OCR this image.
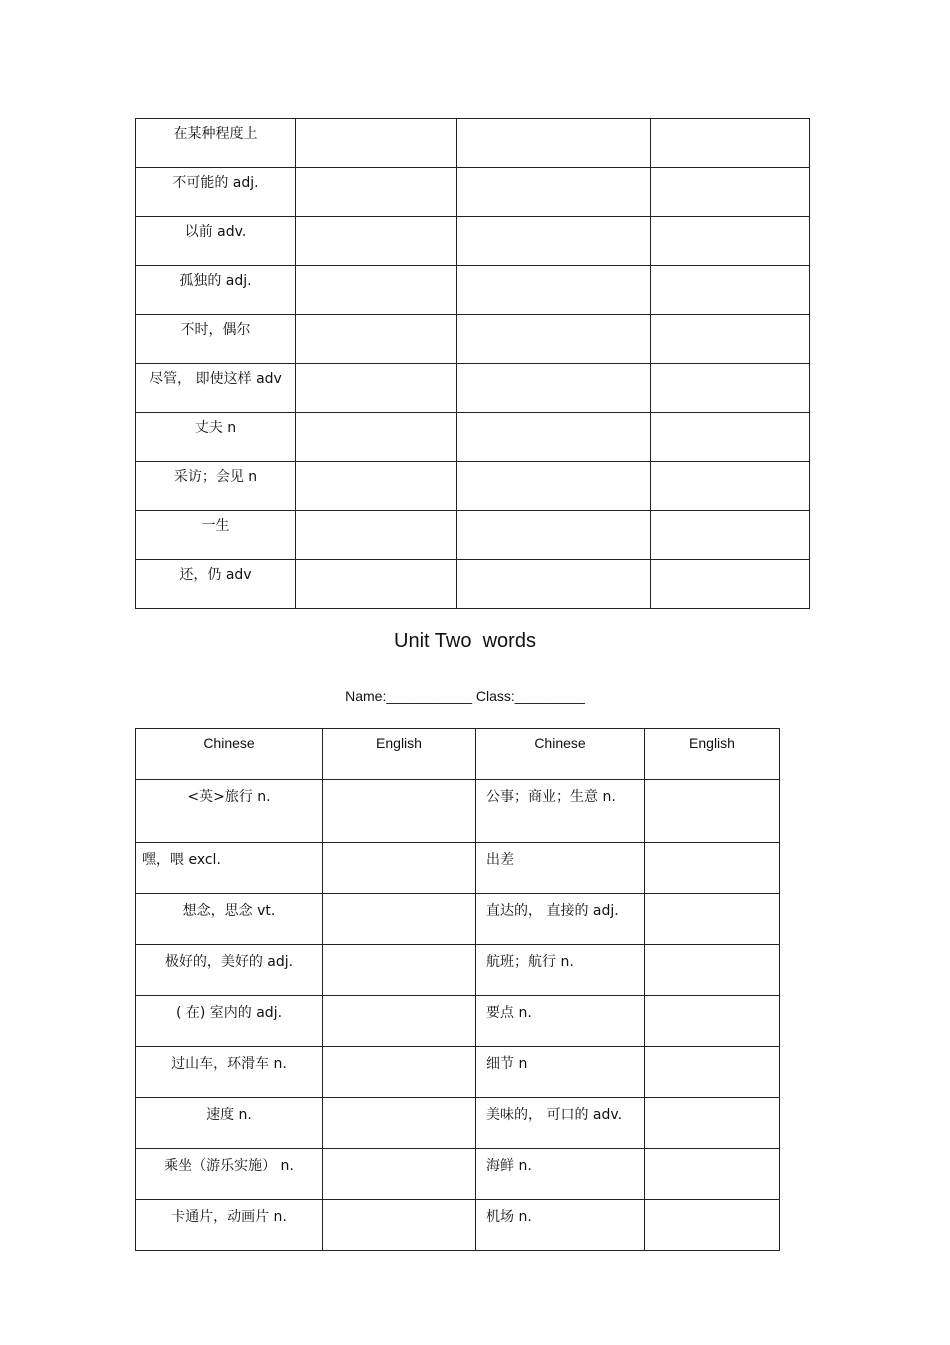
在某种程度上			
不可能的 adj.			
以前 adv.			
孤独的 adj.			
不时，偶尔			
尽管， 即使这样 adv			
丈夫 n			
采访；会见 n			
一生			
还，仍 adv			
Unit Two  words
Name:___________ Class:_________
Chinese	English	Chinese	English
<英>旅行 n.		公事；商业；生意 n.	
嘿，喂 excl.		出差	
想念，思念 vt.		直达的， 直接的 adj.	
极好的，美好的 adj.		航班；航行 n.	
( 在) 室内的 adj.		要点 n.	
过山车，环滑车 n.		细节 n	
速度 n.		美味的， 可口的 adv.	
乘坐（游乐实施） n.		海鲜 n.	
卡通片，动画片 n.		机场 n.	
